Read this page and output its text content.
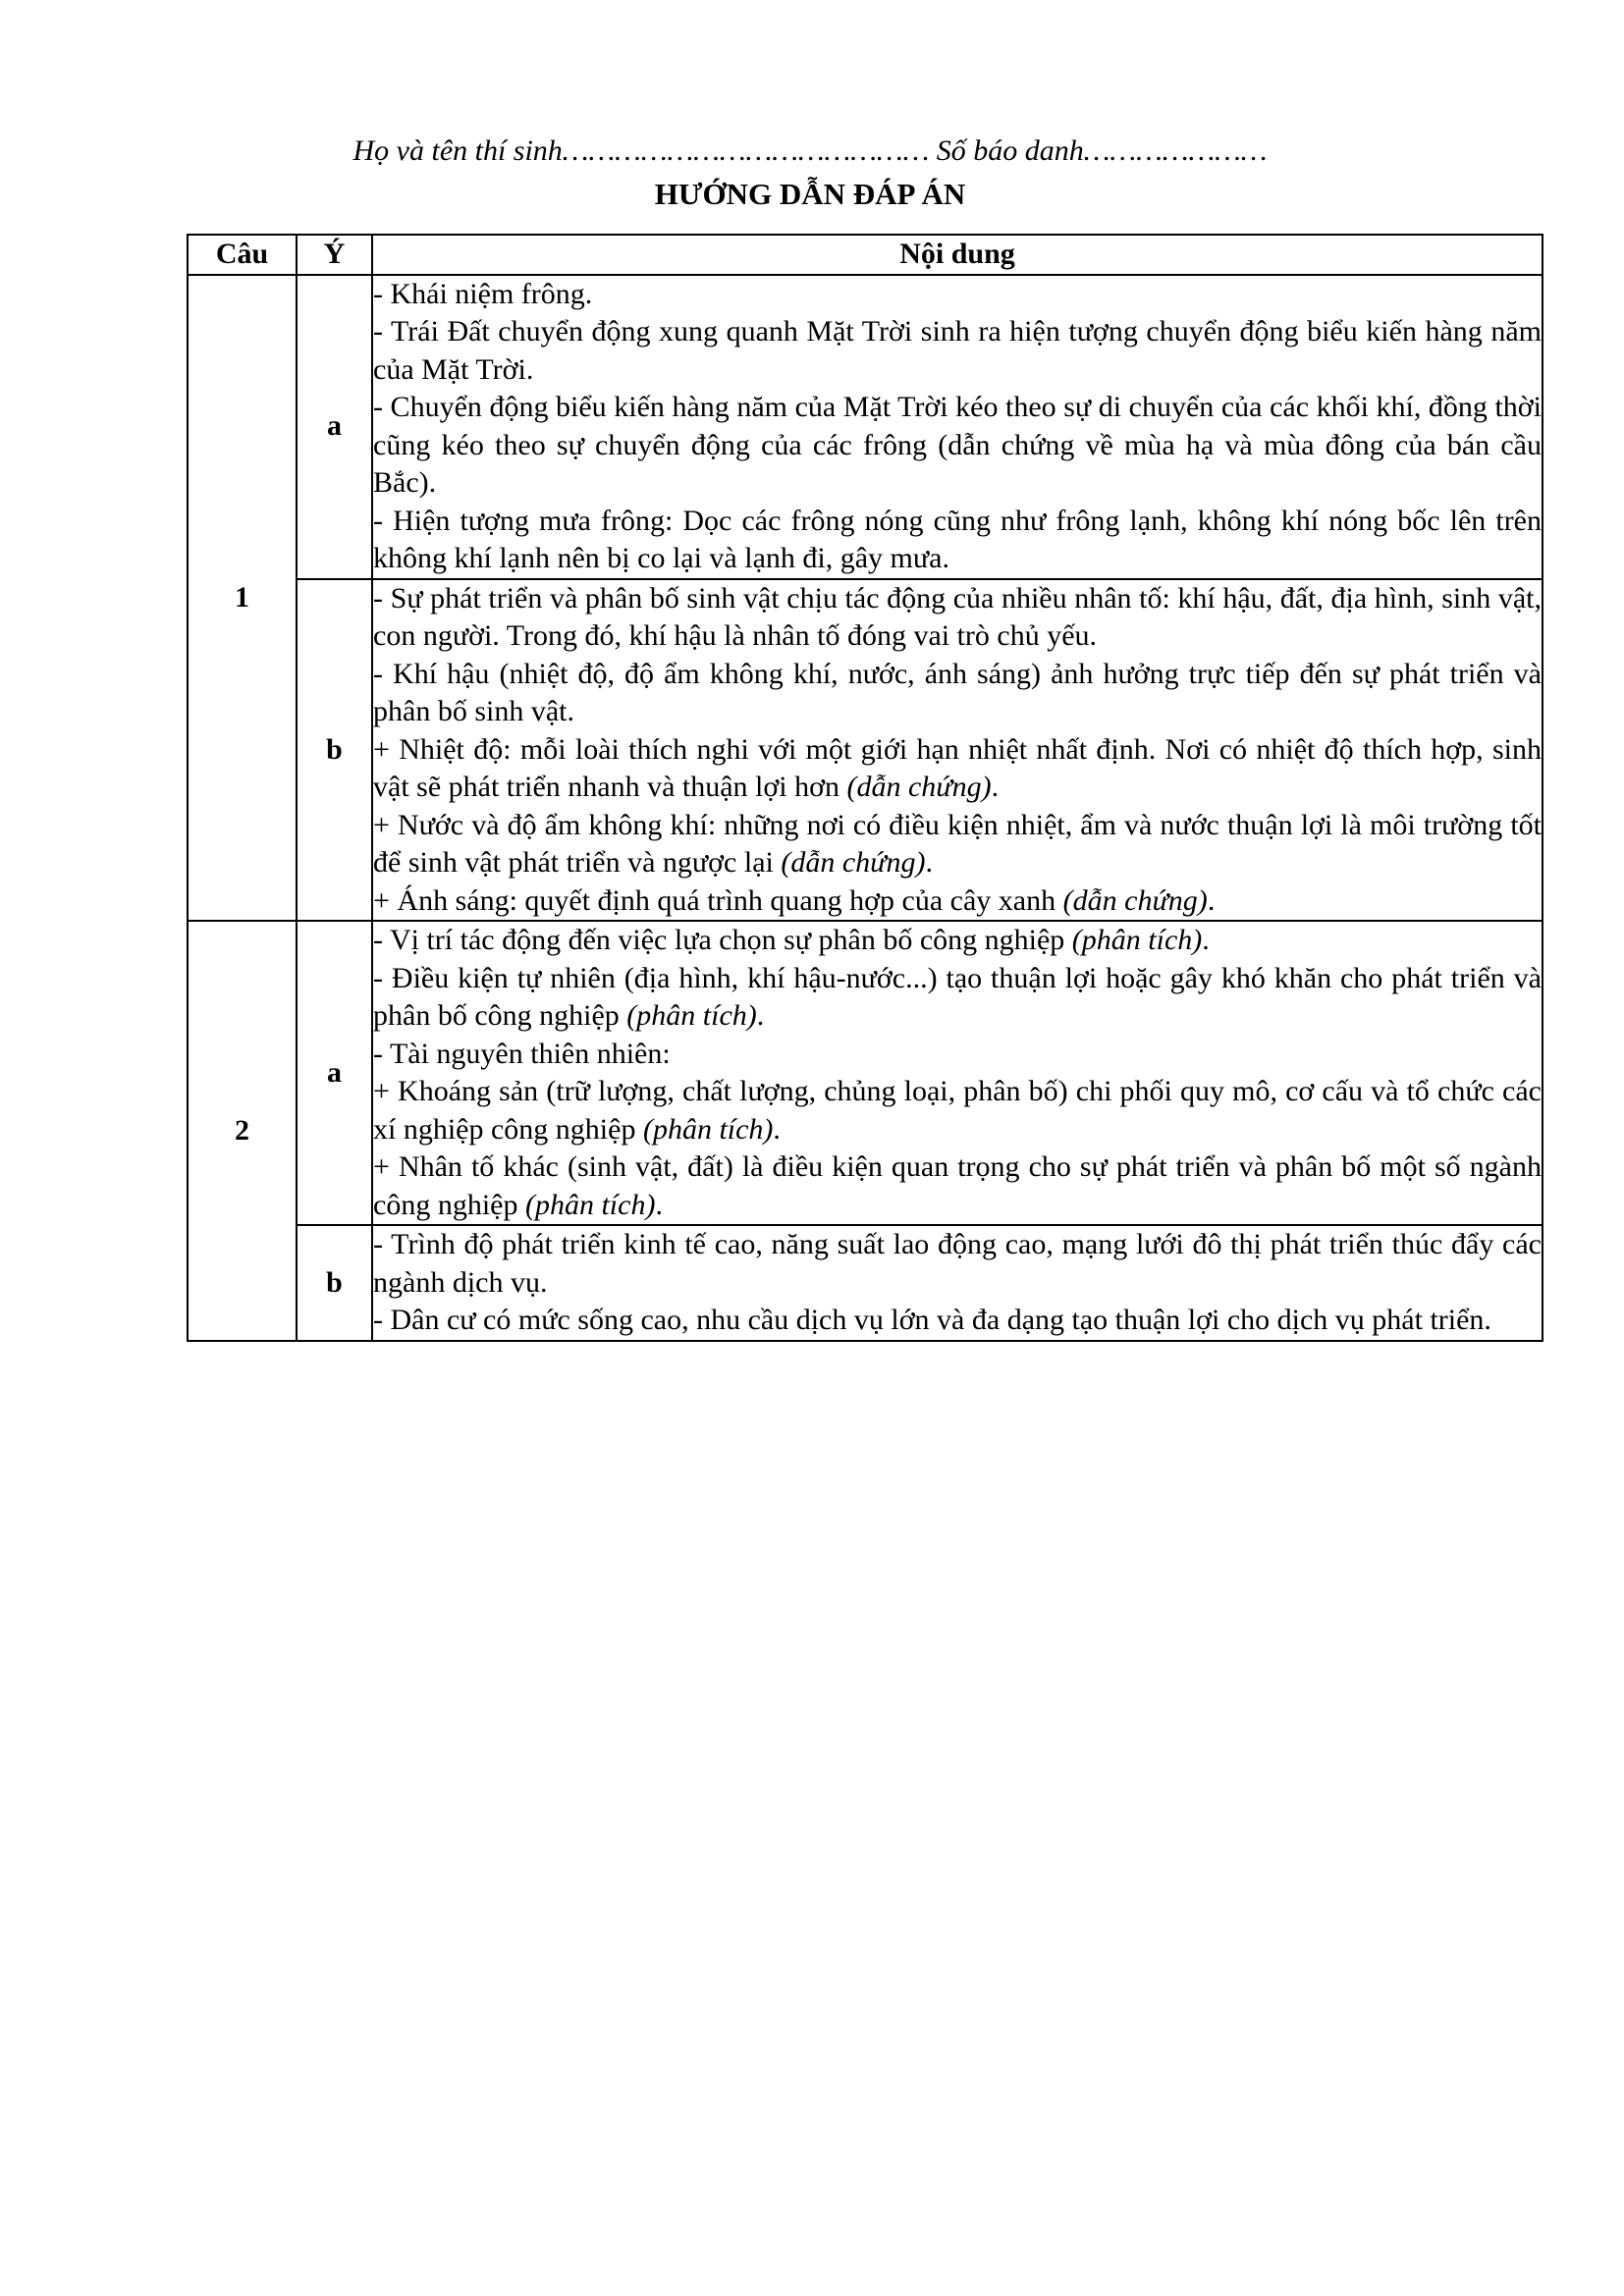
Họ và tên thí sinh…………………………………… Số báo danh…………………
HƯỚNG DẪN ĐÁP ÁN
Câu	Ý	Nội dung
1	a	- Khái niệm frông.
- Trái Đất chuyển động xung quanh Mặt Trời sinh ra hiện tượng chuyển động biểu kiến hàng năm của Mặt Trời.
- Chuyển động biểu kiến hàng năm của Mặt Trời kéo theo sự di chuyển của các khối khí, đồng thời cũng kéo theo sự chuyển động của các frông (dẫn chứng về mùa hạ và mùa đông của bán cầu Bắc).
- Hiện tượng mưa frông: Dọc các frông nóng cũng như frông lạnh, không khí nóng bốc lên trên không khí lạnh nên bị co lại và lạnh đi, gây mưa.

	b	- Sự phát triển và phân bố sinh vật chịu tác động của nhiều nhân tố: khí hậu, đất, địa hình, sinh vật, con người. Trong đó, khí hậu là nhân tố đóng vai trò chủ yếu.
- Khí hậu (nhiệt độ, độ ẩm không khí, nước, ánh sáng) ảnh hưởng trực tiếp đến sự phát triển và phân bố sinh vật.
+ Nhiệt độ: mỗi loài thích nghi với một giới hạn nhiệt nhất định. Nơi có nhiệt độ thích hợp, sinh vật sẽ phát triển nhanh và thuận lợi hơn (dẫn chứng).
+ Nước và độ ẩm không khí: những nơi có điều kiện nhiệt, ẩm và nước thuận lợi là môi trường tốt để sinh vật phát triển và ngược lại (dẫn chứng).
+ Ánh sáng: quyết định quá trình quang hợp của cây xanh (dẫn chứng).

2	a	- Vị trí tác động đến việc lựa chọn sự phân bố công nghiệp (phân tích).
- Điều kiện tự nhiên (địa hình, khí hậu-nước...) tạo thuận lợi hoặc gây khó khăn cho phát triển và phân bố công nghiệp (phân tích).
- Tài nguyên thiên nhiên:
+ Khoáng sản (trữ lượng, chất lượng, chủng loại, phân bố) chi phối quy mô, cơ cấu và tổ chức các xí nghiệp công nghiệp (phân tích).
+ Nhân tố khác (sinh vật, đất) là điều kiện quan trọng cho sự phát triển và phân bố một số ngành công nghiệp (phân tích).

	b	- Trình độ phát triển kinh tế cao, năng suất lao động cao, mạng lưới đô thị phát triển thúc đẩy các ngành dịch vụ.
- Dân cư có mức sống cao, nhu cầu dịch vụ lớn và đa dạng tạo thuận lợi cho dịch vụ phát triển.
